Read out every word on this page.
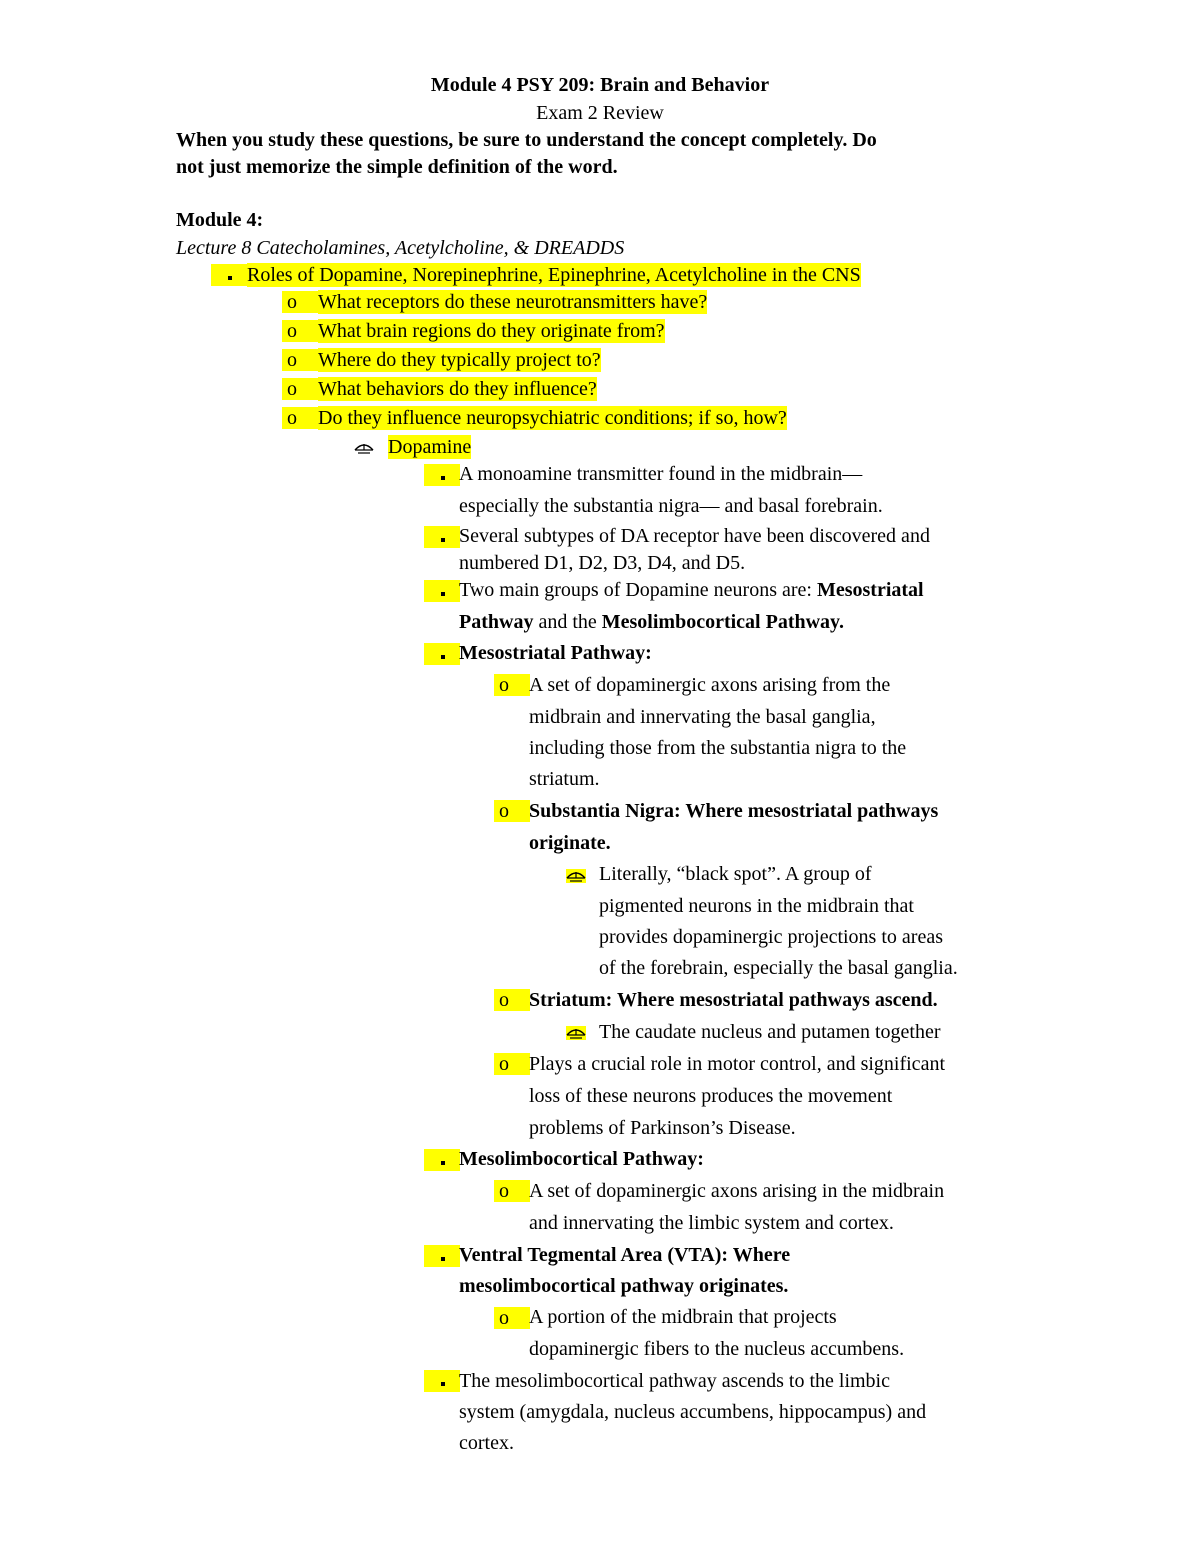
Module 4 PSY 209: Brain and Behavior
Exam 2 Review
When you study these questions, be sure to understand the concept completely. Do
not just memorize the simple definition of the word.
Module 4:
Lecture 8 Catecholamines, Acetylcholine, & DREADDS
Roles of Dopamine, Norepinephrine, Epinephrine, Acetylcholine in the CNS
o What receptors do these neurotransmitters have?
o What brain regions do they originate from?
o Where do they typically project to?
o What behaviors do they influence?
o Do they influence neuropsychiatric conditions; if so, how?
Dopamine
A monoamine transmitter found in the midbrain—
especially the substantia nigra— and basal forebrain.
Several subtypes of DA receptor have been discovered and
numbered D1, D2, D3, D4, and D5.
Two main groups of Dopamine neurons are: Mesostriatal
Pathway and the Mesolimbocortical Pathway.
Mesostriatal Pathway:
o A set of dopaminergic axons arising from the
midbrain and innervating the basal ganglia,
including those from the substantia nigra to the
striatum.
o Substantia Nigra: Where mesostriatal pathways
originate.
Literally, “black spot”. A group of
pigmented neurons in the midbrain that
provides dopaminergic projections to areas
of the forebrain, especially the basal ganglia.
o Striatum: Where mesostriatal pathways ascend.
The caudate nucleus and putamen together
o Plays a crucial role in motor control, and significant
loss of these neurons produces the movement
problems of Parkinson’s Disease.
Mesolimbocortical Pathway:
o A set of dopaminergic axons arising in the midbrain
and innervating the limbic system and cortex.
Ventral Tegmental Area (VTA): Where
mesolimbocortical pathway originates.
o A portion of the midbrain that projects
dopaminergic fibers to the nucleus accumbens.
The mesolimbocortical pathway ascends to the limbic
system (amygdala, nucleus accumbens, hippocampus) and
cortex.
